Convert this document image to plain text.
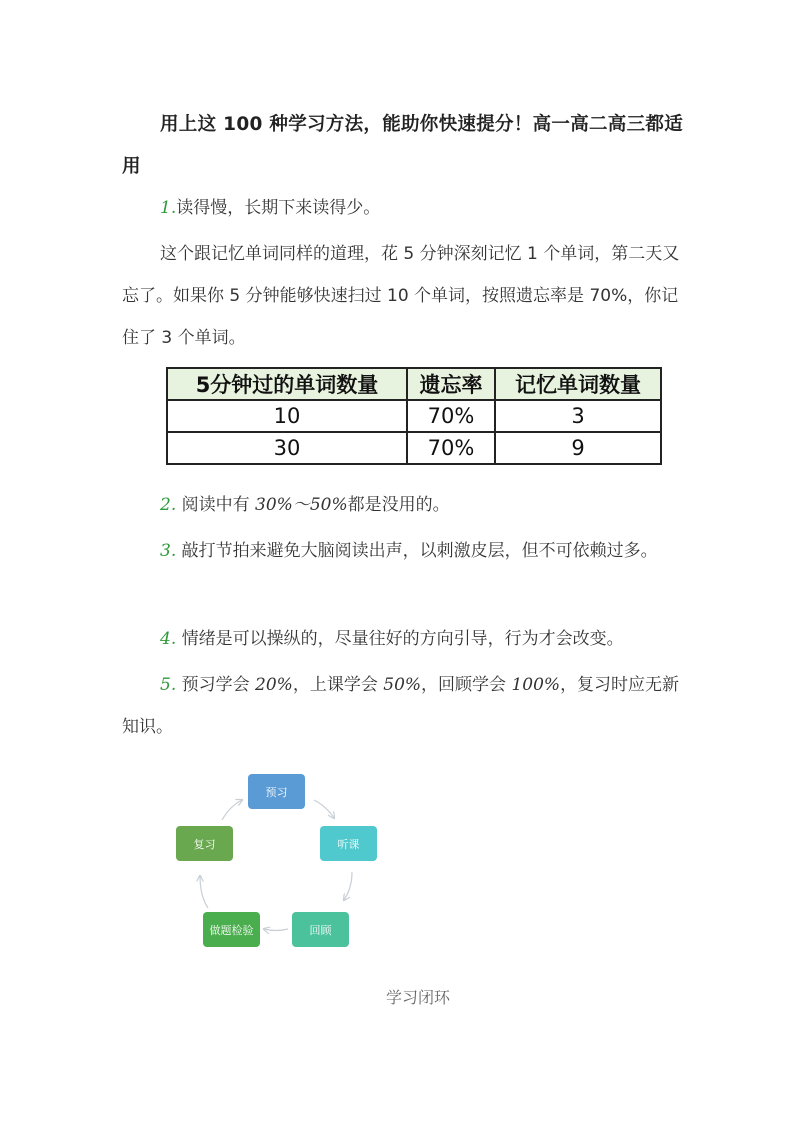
用上这 100 种学习方法，能助你快速提分！高一高二高三都适用
1.读得慢，长期下来读得少。
这个跟记忆单词同样的道理，花 5 分钟深刻记忆 1 个单词，第二天又忘了。如果你 5 分钟能够快速扫过 10 个单词，按照遗忘率是 70%，你记住了 3 个单词。
5分钟过的单词数量	遗忘率	记忆单词数量
10	70%	3
30	70%	9
2. 阅读中有 30%～50%都是没用的。
3. 敲打节拍来避免大脑阅读出声，以刺激皮层，但不可依赖过多。
4. 情绪是可以操纵的，尽量往好的方向引导，行为才会改变。
5. 预习学会 20%，上课学会 50%，回顾学会 100%，复习时应无新知识。
预习
听课
回顾
做题检验
复习
学习闭环
